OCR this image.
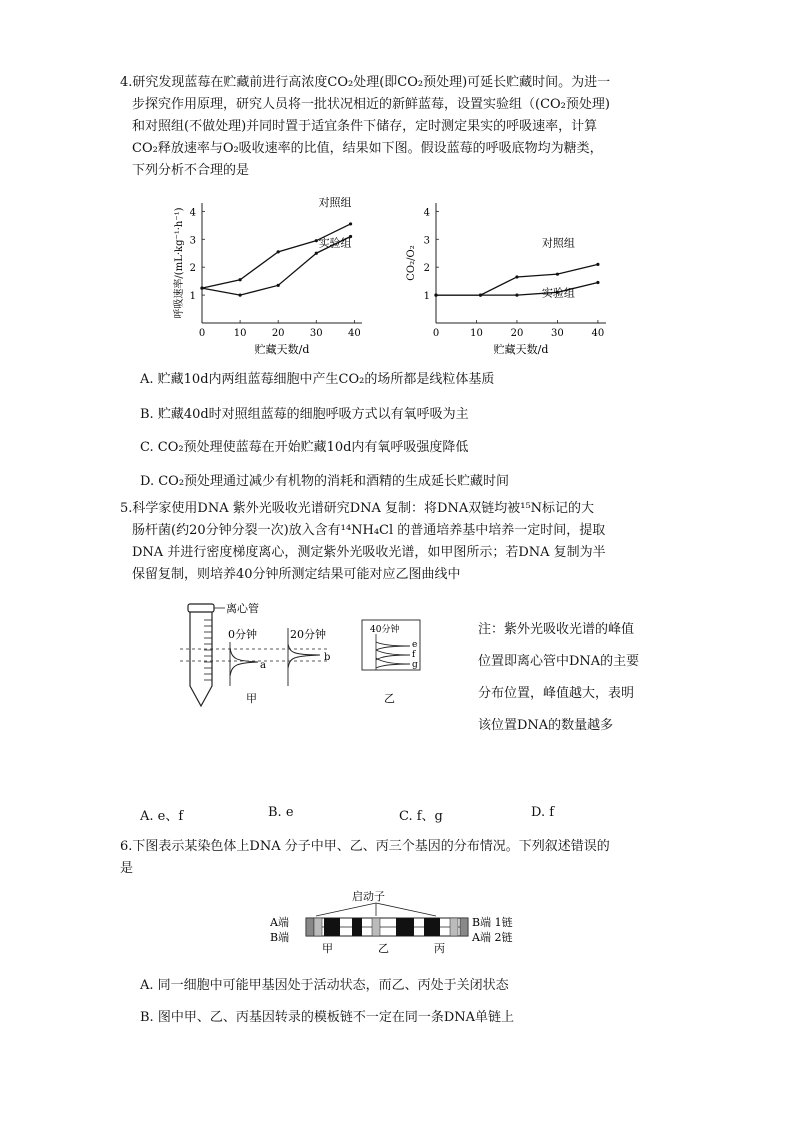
4.研究发现蓝莓在贮藏前进行高浓度CO₂处理(即CO₂预处理)可延长贮藏时间。为进一
步探究作用原理，研究人员将一批状况相近的新鲜蓝莓，设置实验组（(CO₂预处理)
和对照组(不做处理)并同时置于适宜条件下储存，定时测定果实的呼吸速率，计算
CO₂释放速率与O₂吸收速率的比值，结果如下图。假设蓝莓的呼吸底物均为糖类，
下列分析不合理的是
0	10	20	30	40
1
2
3
4
贮藏天数/d
呼吸速率/(mL·kg⁻¹·h⁻¹)
对照组
实验组
0	10	20	30	40
1
2
3
4
贮藏天数/d
CO₂/O₂
对照组
实验组
A. 贮藏10d内两组蓝莓细胞中产生CO₂的场所都是线粒体基质
B. 贮藏40d时对照组蓝莓的细胞呼吸方式以有氧呼吸为主
C. CO₂预处理使蓝莓在开始贮藏10d内有氧呼吸强度降低
D. CO₂预处理通过减少有机物的消耗和酒精的生成延长贮藏时间
5.科学家使用DNA 紫外光吸收光谱研究DNA 复制：将DNA双链均被¹⁵N标记的大
肠杆菌(约20分钟分裂一次)放入含有¹⁴NH₄Cl 的普通培养基中培养一定时间，提取
DNA 并进行密度梯度离心，测定紫外光吸收光谱，如甲图所示；若DNA 复制为半
保留复制，则培养40分钟所测定结果可能对应乙图曲线中
离心管
0分钟
a
20分钟
b
甲
40分钟
e
f
g
乙
注：紫外光吸收光谱的峰值
位置即离心管中DNA的主要
分布位置，峰值越大，表明
该位置DNA的数量越多
A. e、f	B. e	C. f、g	D. f
6.下图表示某染色体上DNA 分子中甲、乙、丙三个基因的分布情况。下列叙述错误的
是
启动子
A端
B端
B端 1链
A端 2链
甲	乙	丙
A. 同一细胞中可能甲基因处于活动状态，而乙、丙处于关闭状态
B. 图中甲、乙、丙基因转录的模板链不一定在同一条DNA单链上
